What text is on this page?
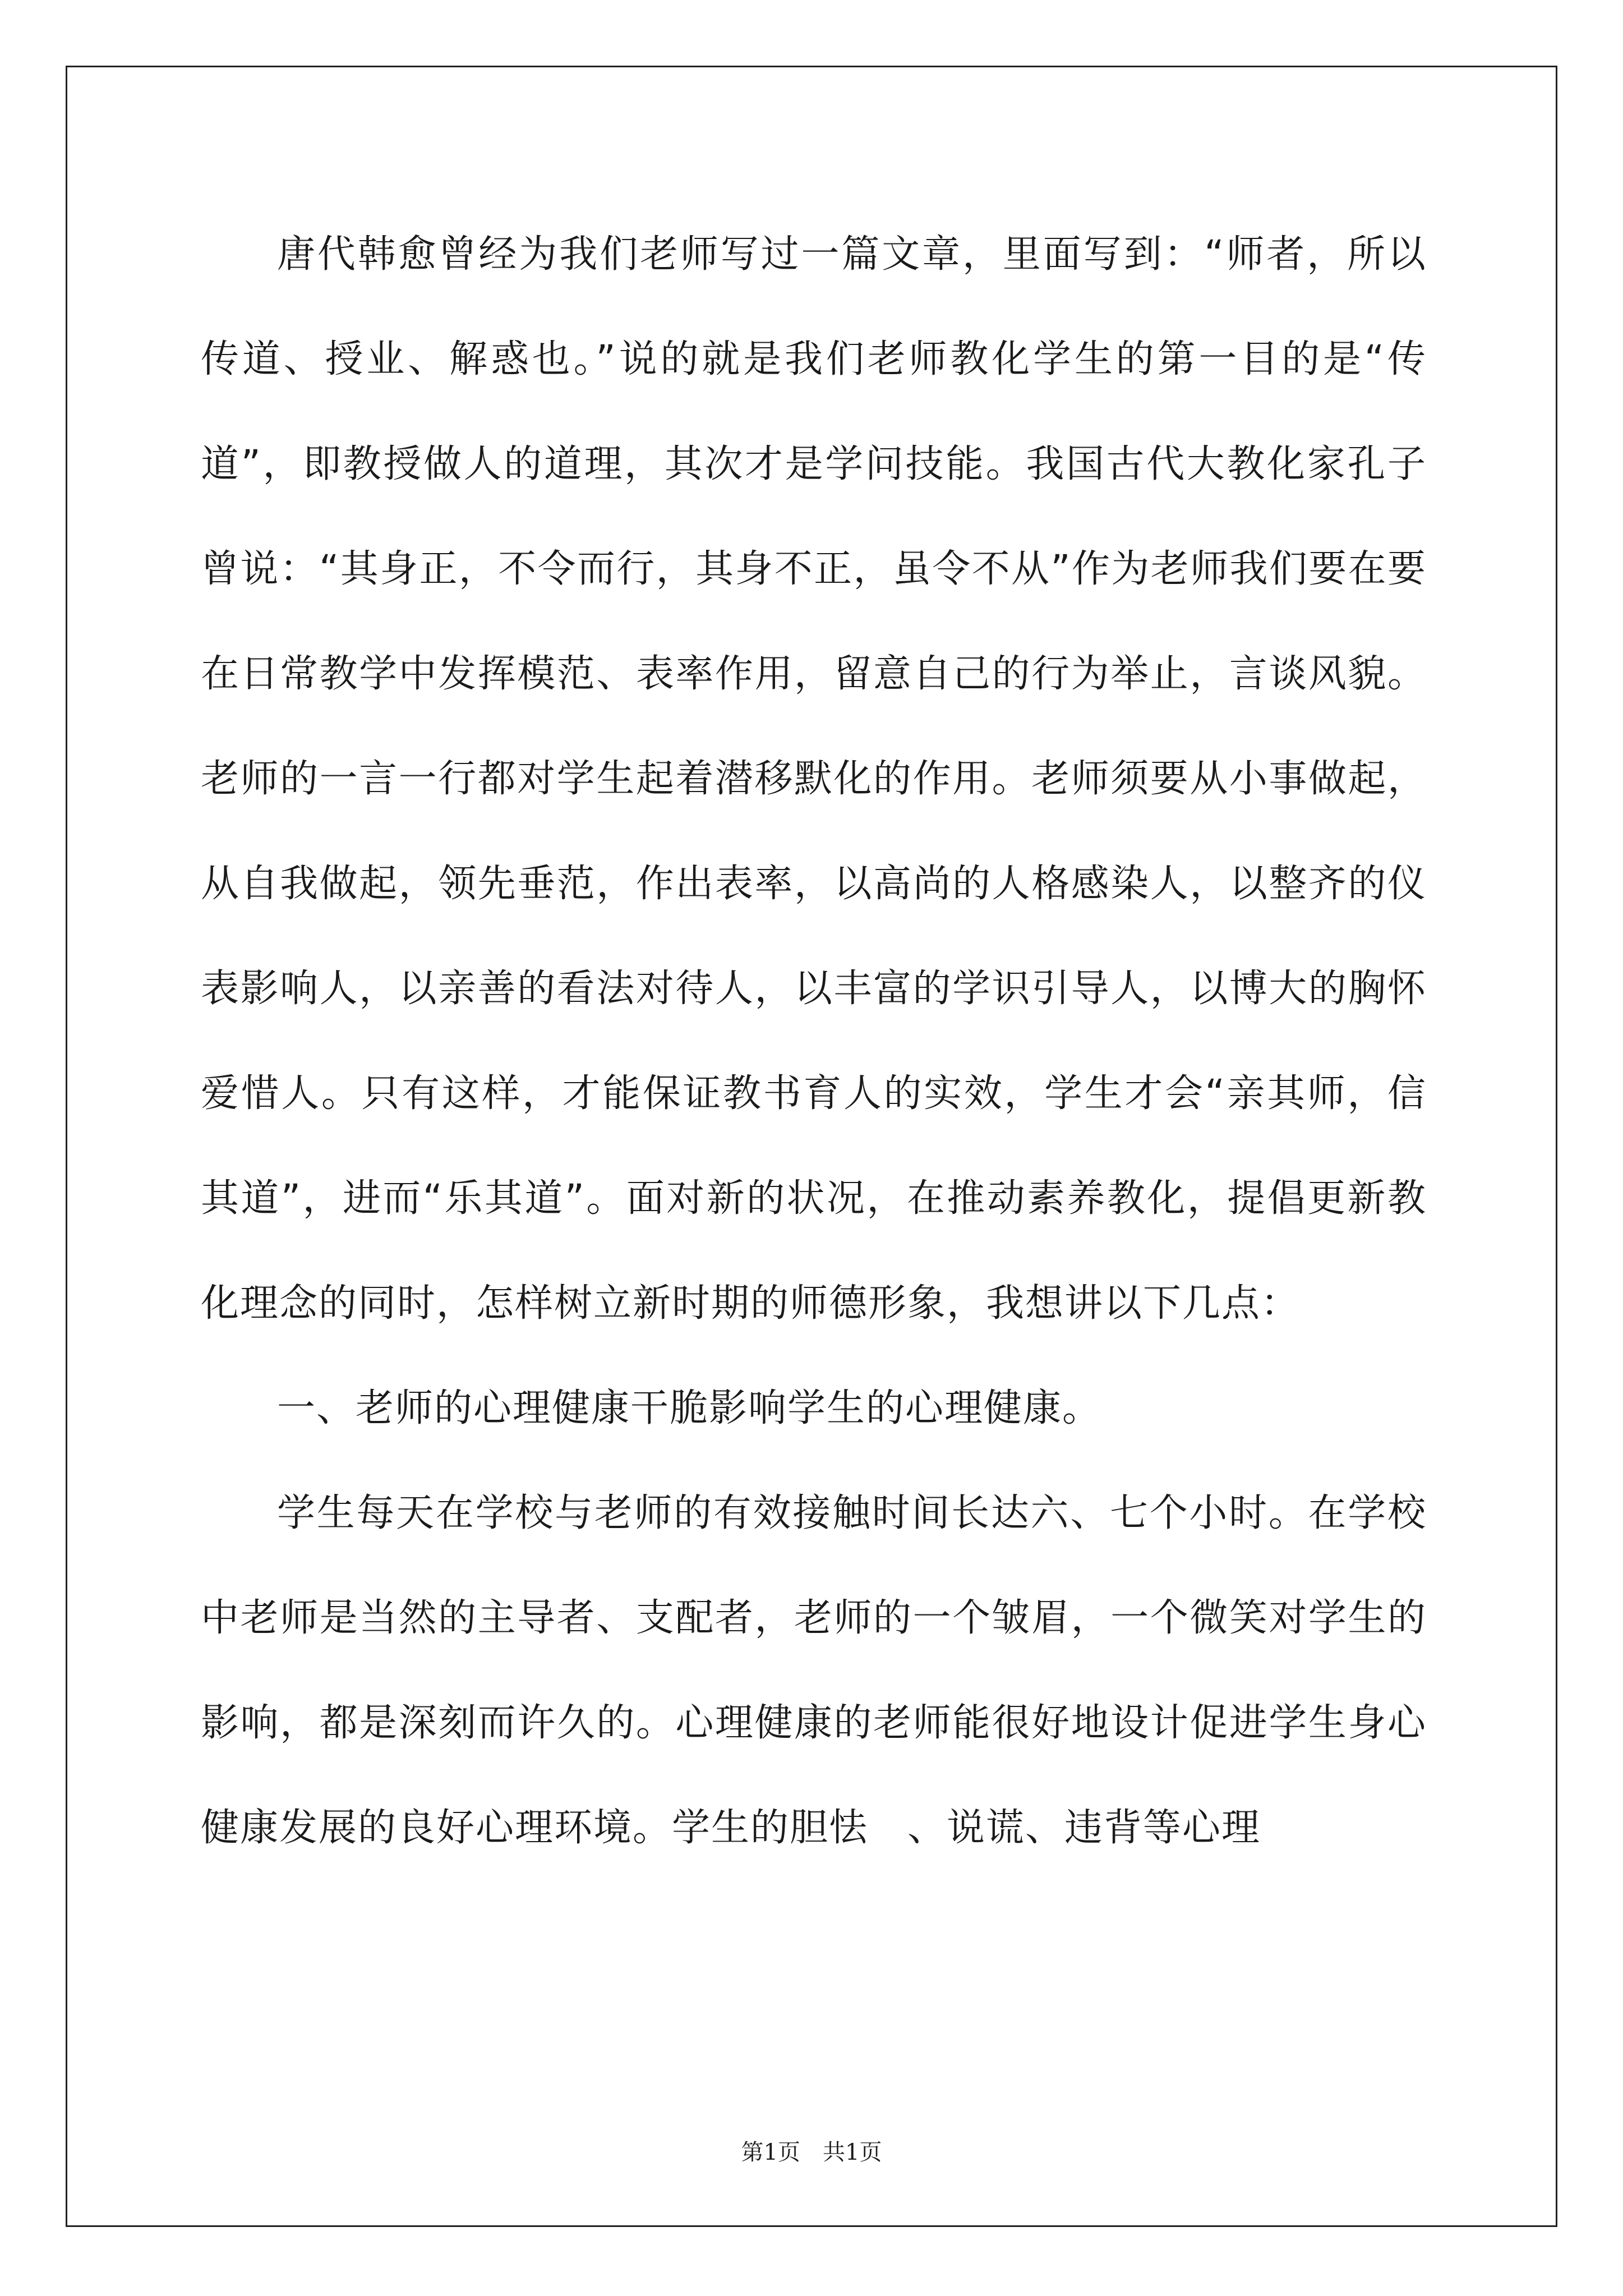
唐代韩愈曾经为我们老师写过一篇文章，里面写到：“师者，所以传道、授业、解惑也。”说的就是我们老师教化学生的第一目的是“传道”，即教授做人的道理，其次才是学问技能。我国古代大教化家孔子曾说：“其身正，不令而行，其身不正，虽令不从”作为老师我们要在要在日常教学中发挥模范、表率作用，留意自己的行为举止，言谈风貌。老师的一言一行都对学生起着潜移默化的作用。老师须要从小事做起，从自我做起，领先垂范，作出表率，以高尚的人格感染人，以整齐的仪表影响人，以亲善的看法对待人，以丰富的学识引导人，以博大的胸怀爱惜人。只有这样，才能保证教书育人的实效，学生才会“亲其师，信其道”，进而“乐其道”。面对新的状况，在推动素养教化，提倡更新教化理念的同时，怎样树立新时期的师德形象，我想讲以下几点：

一、老师的心理健康干脆影响学生的心理健康。

学生每天在学校与老师的有效接触时间长达六、七个小时。在学校中老师是当然的主导者、支配者，老师的一个皱眉，一个微笑对学生的影响，都是深刻而许久的。心理健康的老师能很好地设计促进学生身心健康发展的良好心理环境。学生的胆怯　、说谎、违背等心理

第1页　共1页
